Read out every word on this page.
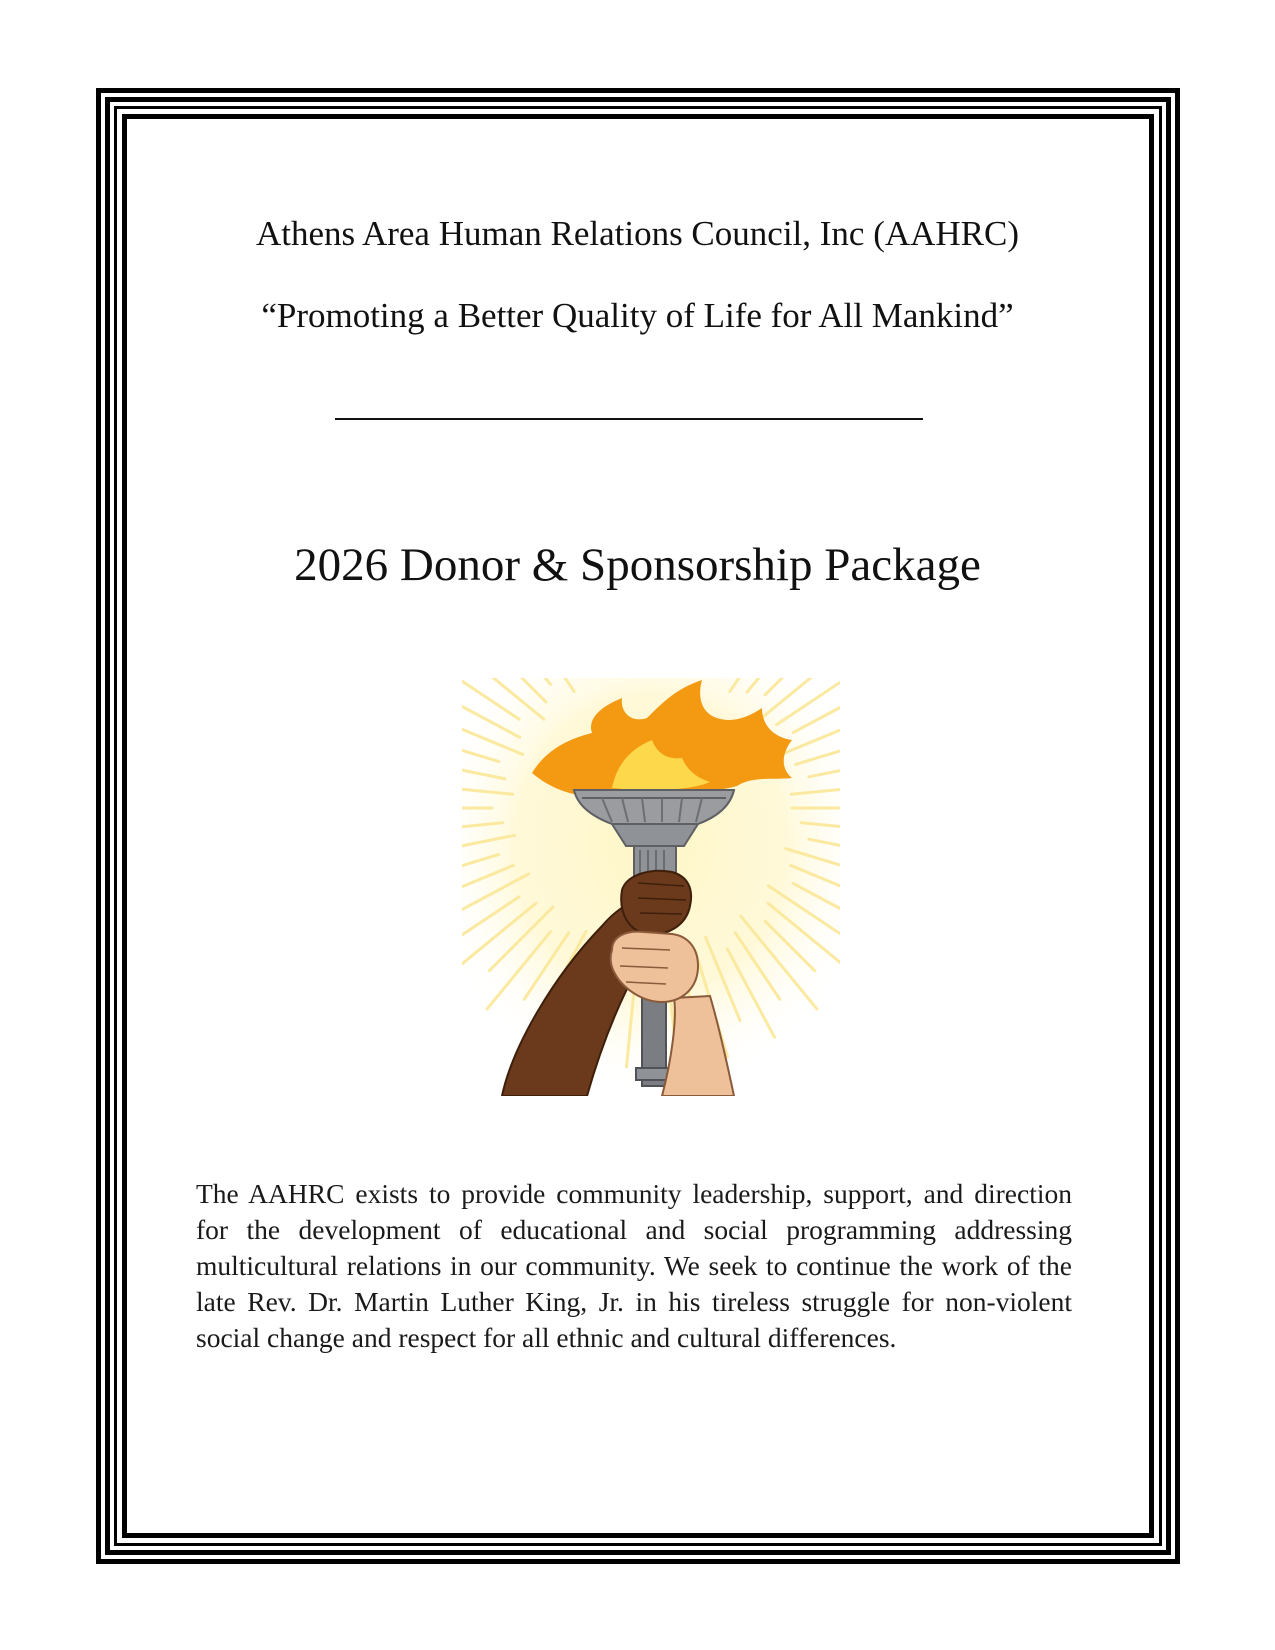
Athens Area Human Relations Council, Inc (AAHRC)
“Promoting a Better Quality of Life for All Mankind”
2026 Donor & Sponsorship Package
The AAHRC exists to provide community leadership, support, and direction for the development of educational and social programming addressing multicultural relations in our community. We seek to continue the work of the late Rev. Dr. Martin Luther King, Jr. in his tireless struggle for non-violent social change and respect for all ethnic and cultural differences.
